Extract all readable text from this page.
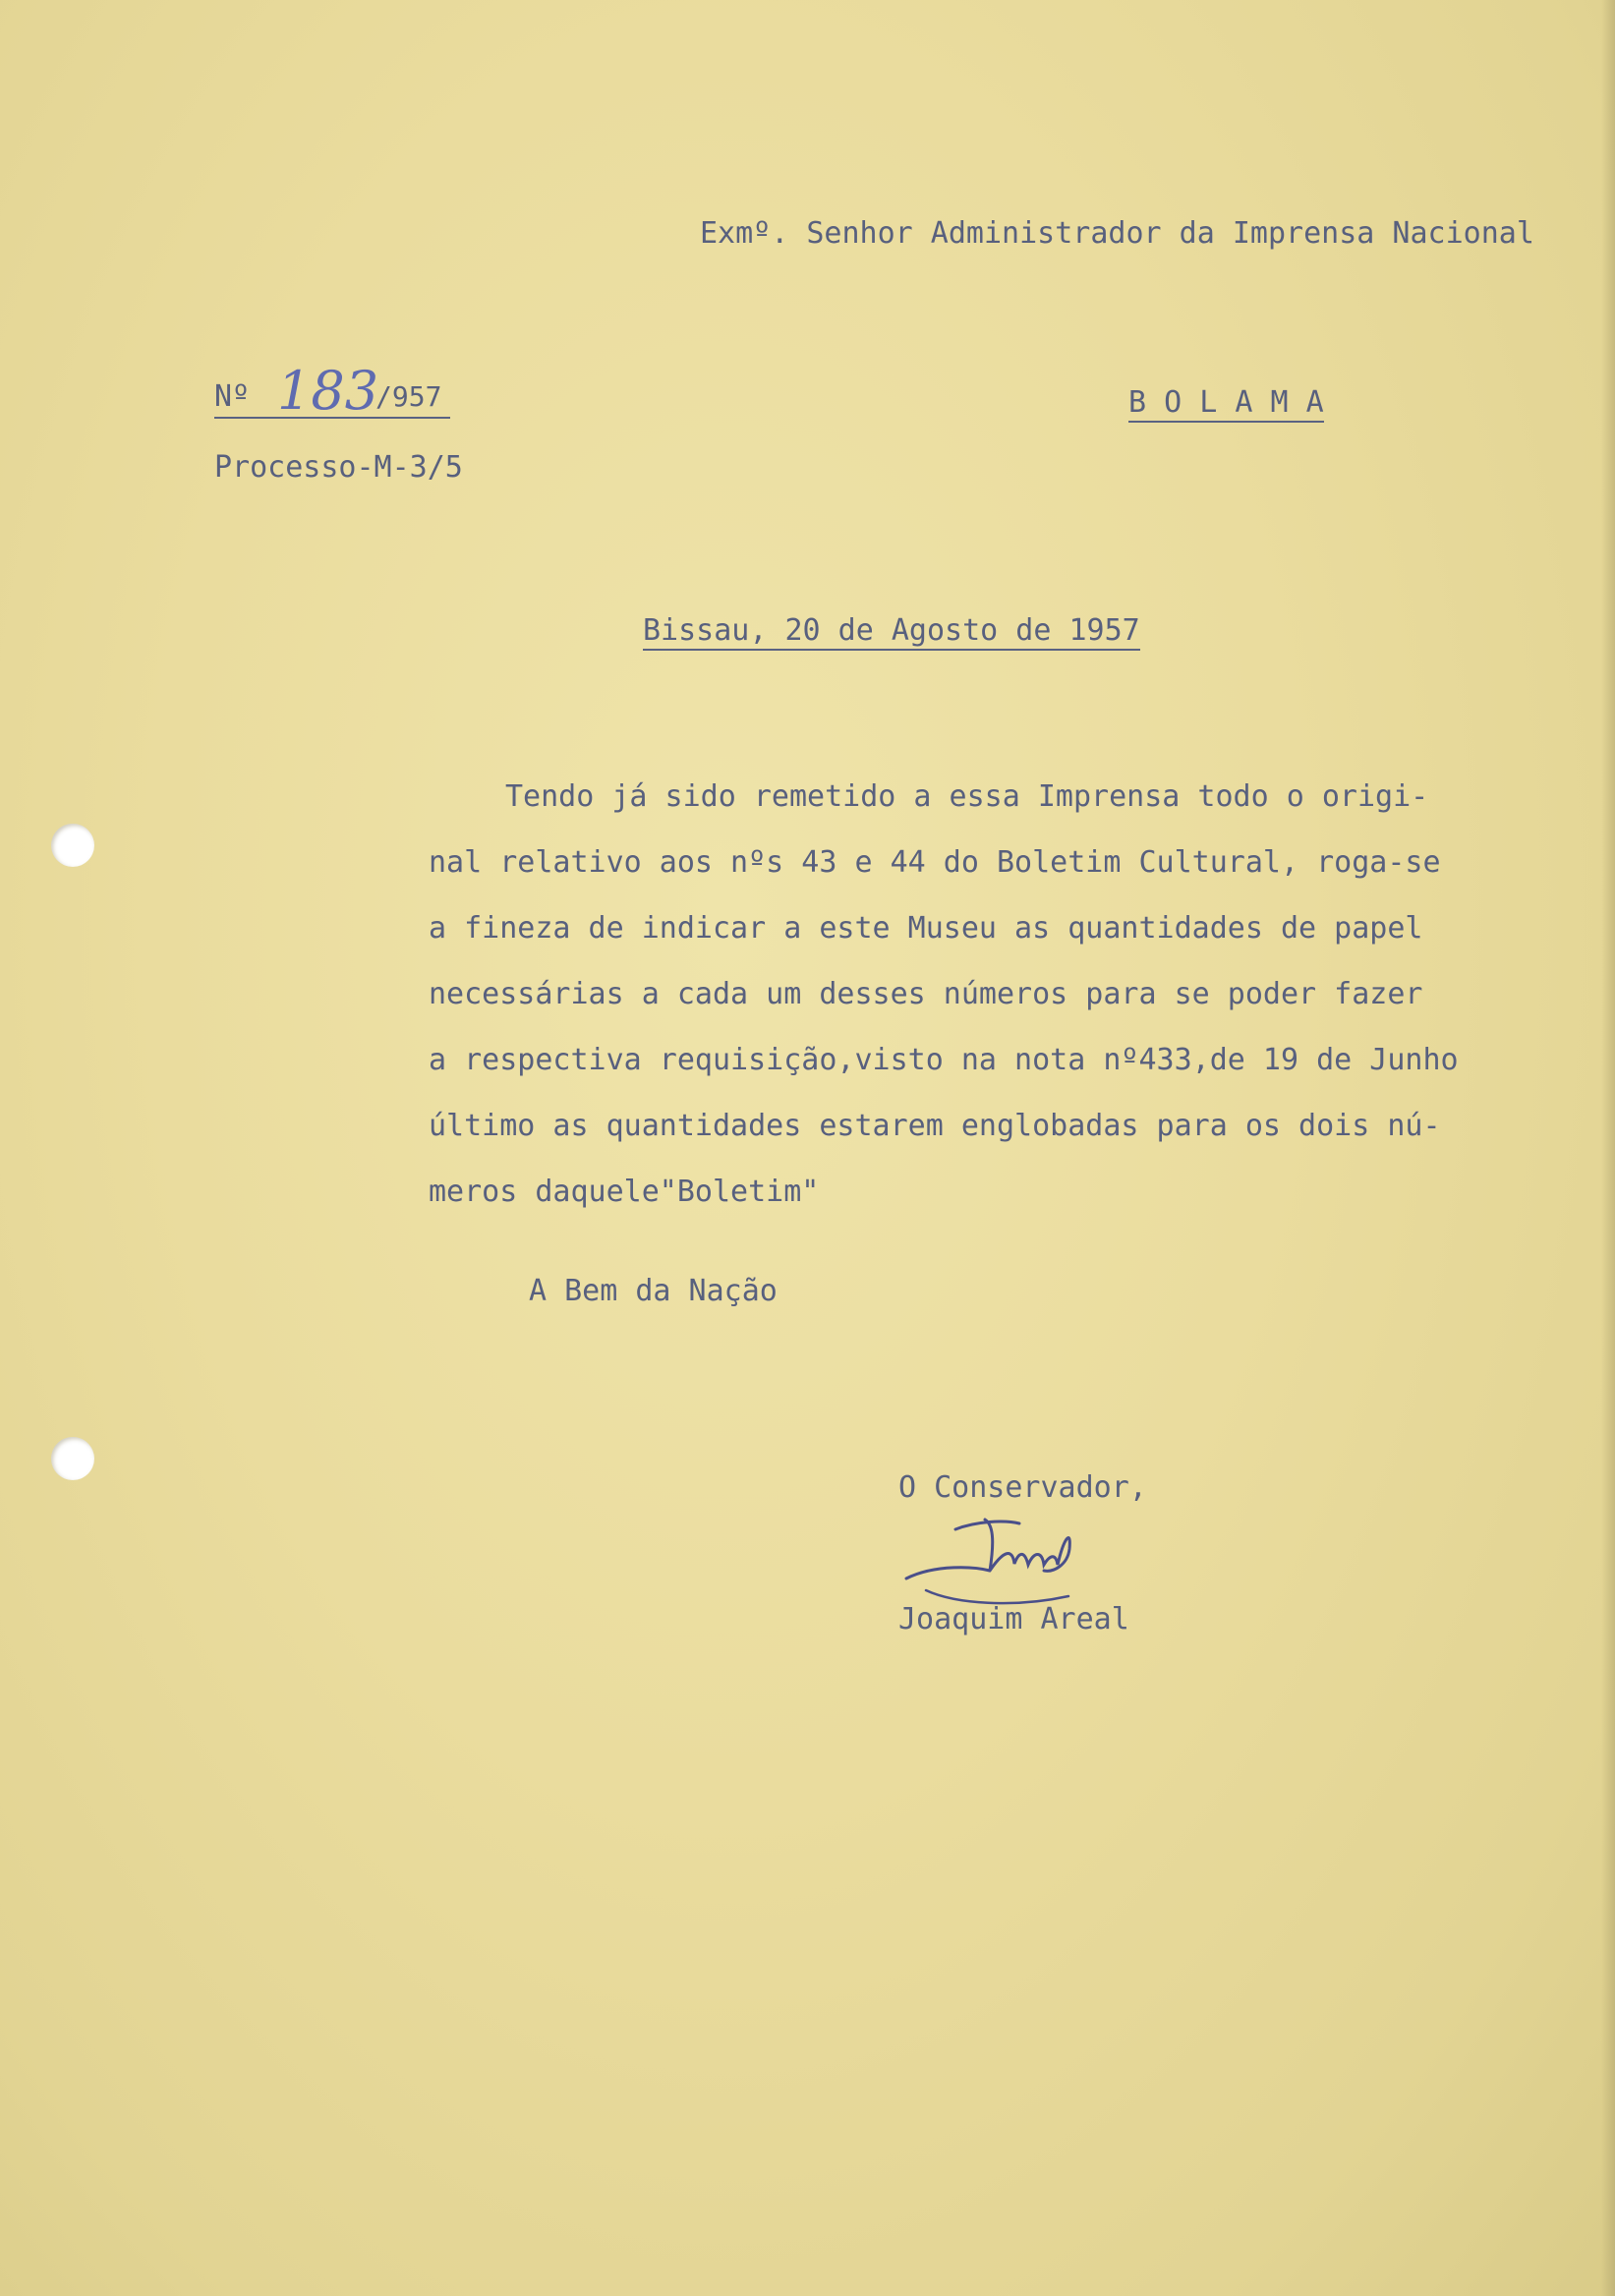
Exmº. Senhor Administrador da Imprensa Nacional
Nº 183
/957	B O L A M A
Processo-M-3/5
Bissau, 20 de Agosto de 1957
Tendo já sido remetido a essa Imprensa todo o origi-
nal relativo aos nºs 43 e 44 do Boletim Cultural, roga-se
a fineza de indicar a este Museu as quantidades de papel
necessárias a cada um desses números para se poder fazer
a respectiva requisição,visto na nota nº433,de 19 de Junho
último as quantidades estarem englobadas para os dois nú-
meros daquele"Boletim"
A Bem da Nação
O Conservador,
Joaquim Areal
